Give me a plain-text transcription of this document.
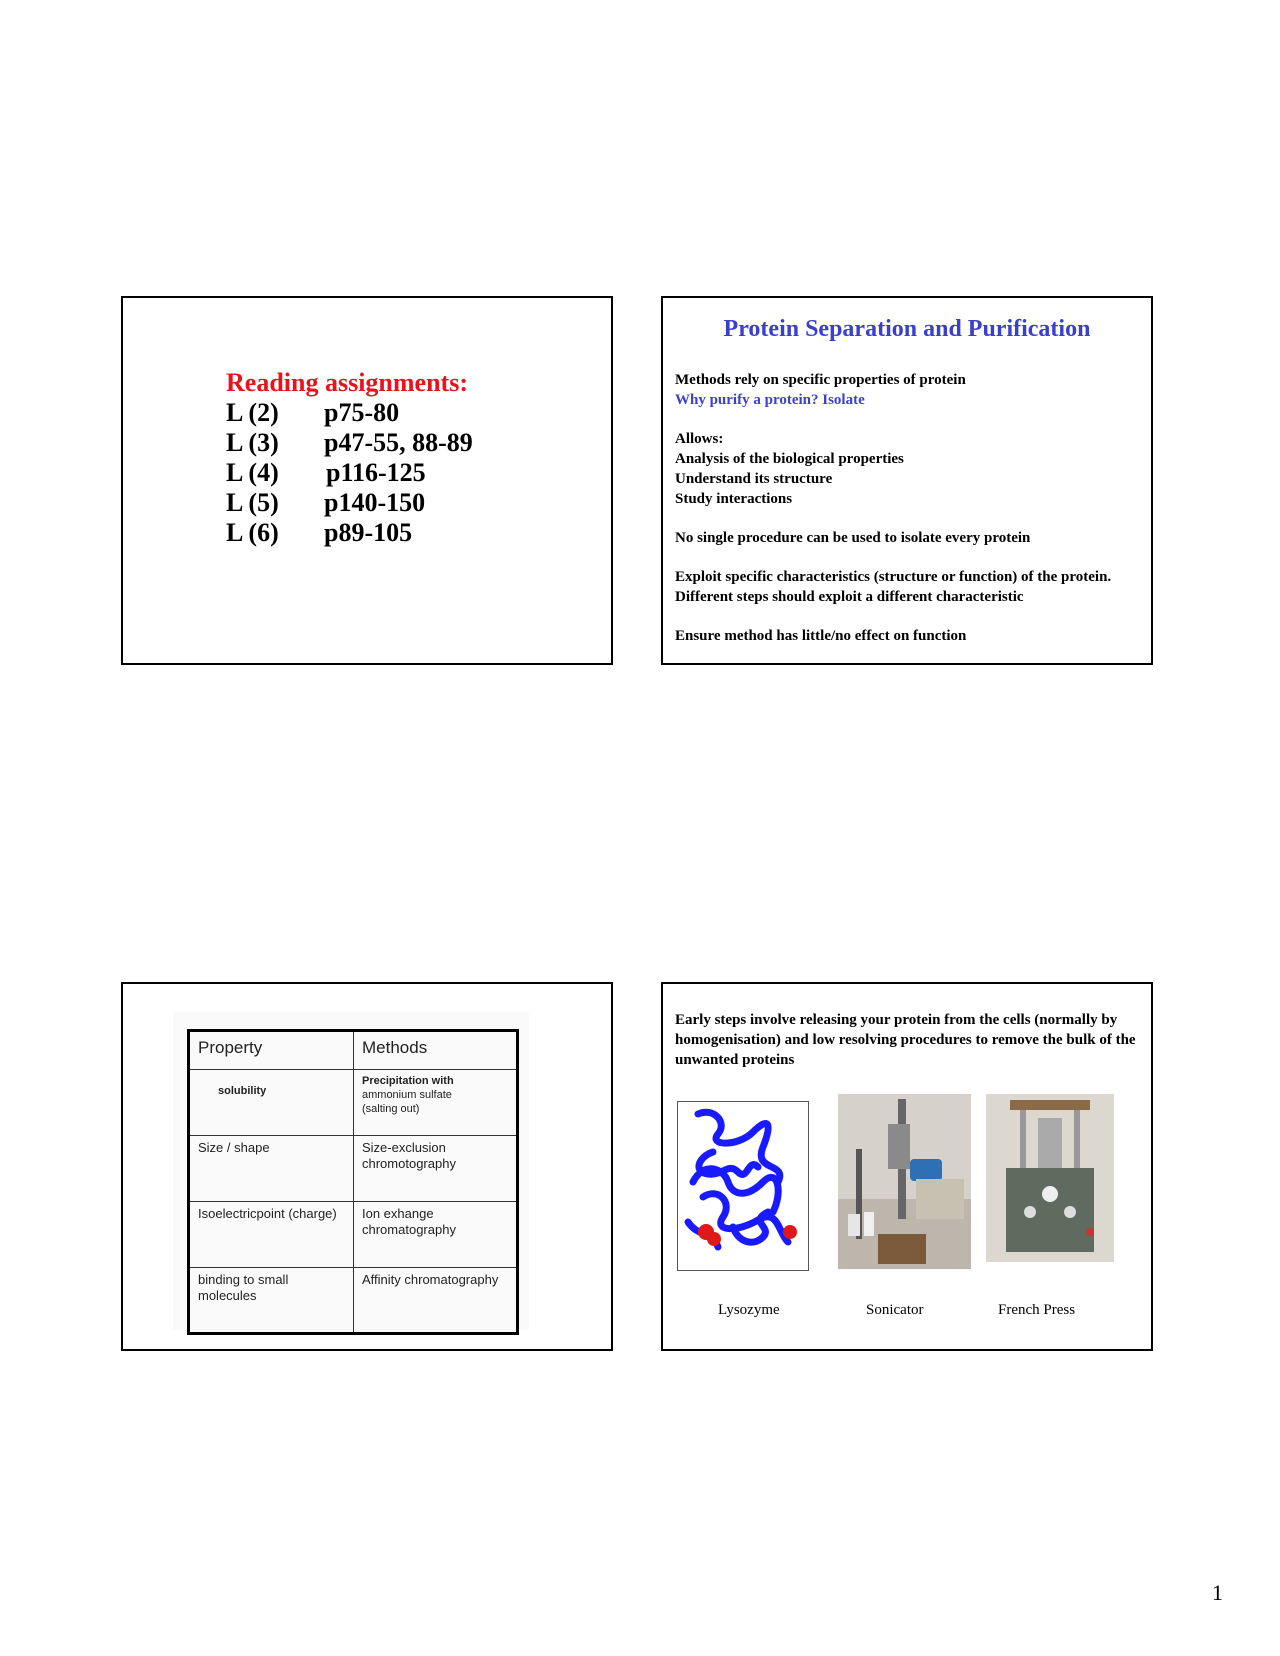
Reading assignments:
L (2)	p75-80
L (3)	p47-55, 88-89
L (4)	p116-125
L (5)	p140-150
L (6)	p89-105
Protein Separation and Purification
Methods rely on specific properties of protein
Why purify a protein? Isolate
Allows:
Analysis of the biological properties
Understand its structure
Study interactions
No single procedure can be used to isolate every protein
Exploit specific characteristics (structure or function) of the protein. Different steps should exploit a different characteristic
Ensure method has little/no effect on function
Property	Methods

solubility	Precipitation with
ammonium sulfate
(salting out)

Size / shape	Size-exclusion chromotography
Isoelectricpoint (charge)	Ion exhange chromatography
binding to small molecules	Affinity chromatography
Early steps involve releasing your protein from the cells (normally by homogenisation) and low resolving procedures to remove the bulk of the unwanted proteins
Lysozyme	Sonicator	French Press
1
